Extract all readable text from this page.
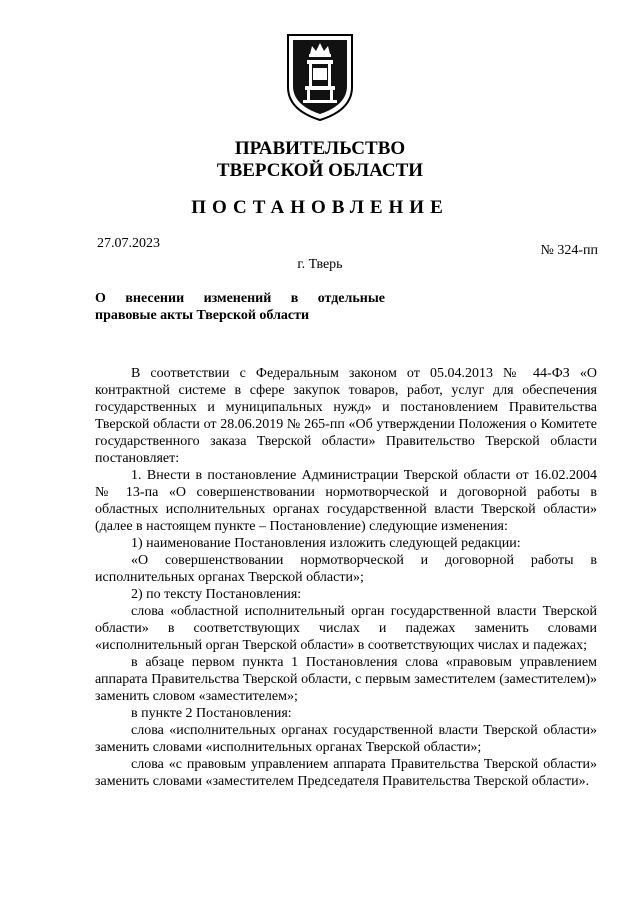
ПРАВИТЕЛЬСТВО
ТВЕРСКОЙ ОБЛАСТИ
ПОСТАНОВЛЕНИЕ
27.07.2023	№ 324-пп
г. Тверь
О внесении изменений в отдельные правовые акты Тверской области

В соответствии с Федеральным законом от 05.04.2013 № 44-ФЗ «О контрактной системе в сфере закупок товаров, работ, услуг для обеспечения государственных и муниципальных нужд» и постановлением Правительства Тверской области от 28.06.2019 № 265-пп «Об утверждении Положения о Комитете государственного заказа Тверской области» Правительство Тверской области постановляет:

1. Внести в постановление Администрации Тверской области от 16.02.2004 № 13-па «О совершенствовании нормотворческой и договорной работы в областных исполнительных органах государственной власти Тверской области» (далее в настоящем пункте – Постановление) следующие изменения:

1) наименование Постановления изложить следующей редакции:

«О совершенствовании нормотворческой и договорной работы в исполнительных органах Тверской области»;

2) по тексту Постановления:

слова «областной исполнительный орган государственной власти Тверской области» в соответствующих числах и падежах заменить словами «исполнительный орган Тверской области» в соответствующих числах и падежах;

в абзаце первом пункта 1 Постановления слова «правовым управлением аппарата Правительства Тверской области, с первым заместителем (заместителем)» заменить словом «заместителем»;

в пункте 2 Постановления:

слова «исполнительных органах государственной власти Тверской области» заменить словами «исполнительных органах Тверской области»;

слова «с правовым управлением аппарата Правительства Тверской области» заменить словами «заместителем Председателя Правительства Тверской области».
